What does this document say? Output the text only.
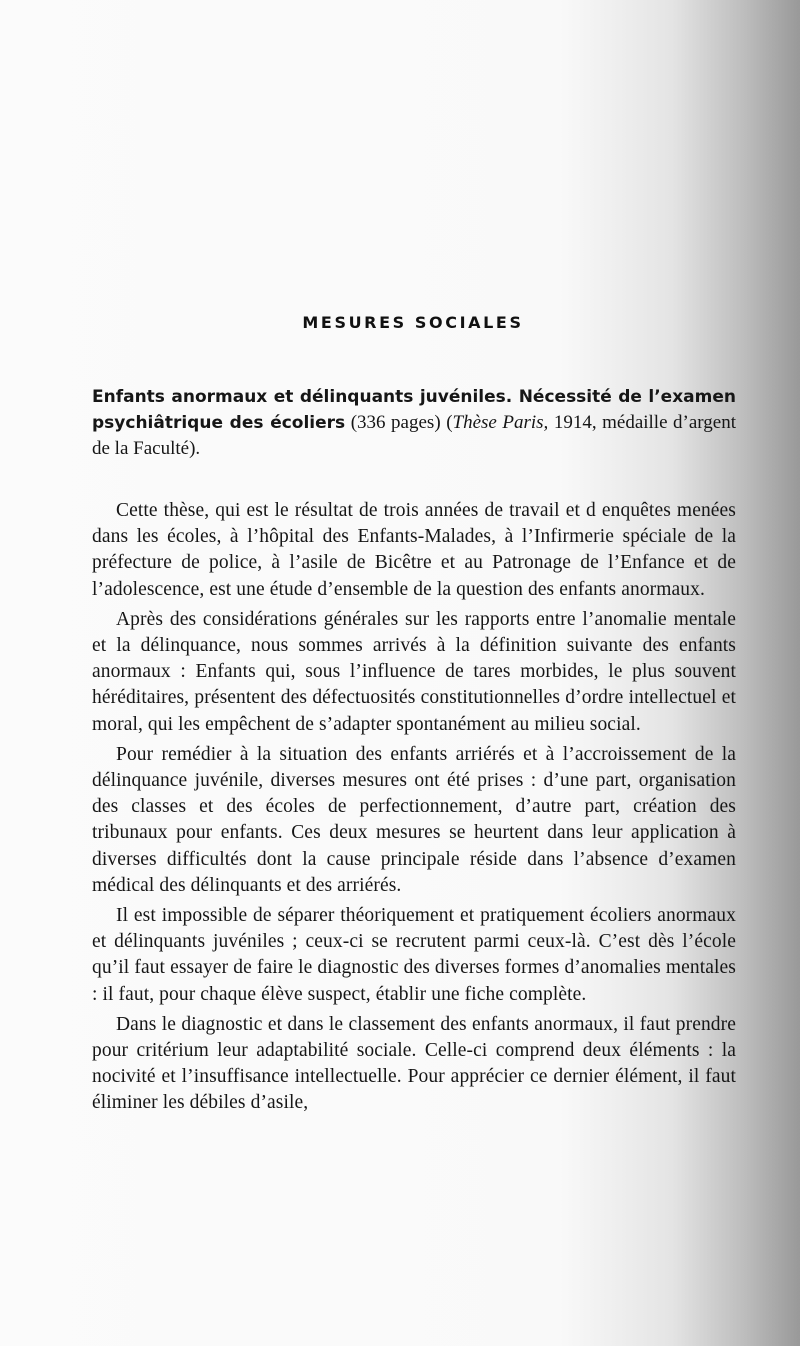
MESURES SOCIALES
Enfants anormaux et délinquants juvéniles. Nécessité de l’examen psychiâtrique des écoliers (336 pages) (Thèse Paris, 1914, médaille d’argent de la Faculté).

Cette thèse, qui est le résultat de trois années de travail et d enquêtes menées dans les écoles, à l’hôpital des Enfants-Malades, à l’Infirmerie spéciale de la préfecture de police, à l’asile de Bicêtre et au Patronage de l’Enfance et de l’adolescence, est une étude d’ensemble de la question des enfants anormaux.

Après des considérations générales sur les rapports entre l’anomalie mentale et la délinquance, nous sommes arrivés à la définition suivante des enfants anormaux : Enfants qui, sous l’influence de tares morbides, le plus souvent héréditaires, présentent des défectuosités constitutionnelles d’ordre intellectuel et moral, qui les empêchent de s’adapter spontanément au milieu social.

Pour remédier à la situation des enfants arriérés et à l’accroissement de la délinquance juvénile, diverses mesures ont été prises : d’une part, organisation des classes et des écoles de perfectionnement, d’autre part, création des tribunaux pour enfants. Ces deux mesures se heurtent dans leur application à diverses difficultés dont la cause principale réside dans l’absence d’examen médical des délinquants et des arriérés.

Il est impossible de séparer théoriquement et pratiquement écoliers anormaux et délinquants juvéniles ; ceux-ci se recrutent parmi ceux-là. C’est dès l’école qu’il faut essayer de faire le diagnostic des diverses formes d’anomalies mentales : il faut, pour chaque élève suspect, établir une fiche complète.

Dans le diagnostic et dans le classement des enfants anormaux, il faut prendre pour critérium leur adaptabilité sociale. Celle-ci comprend deux éléments : la nocivité et l’insuffisance intellectuelle. Pour apprécier ce dernier élément, il faut éliminer les débiles d’asile,
